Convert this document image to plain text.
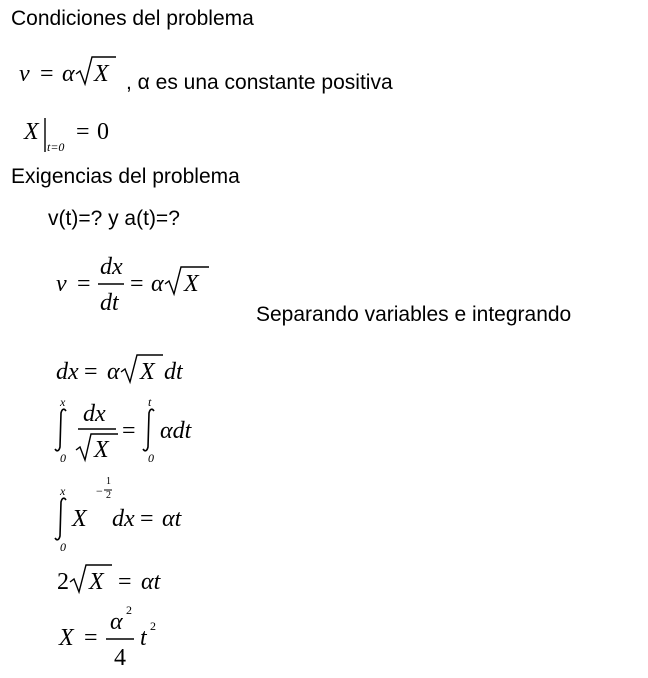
Condiciones del problema
v = α X , α es una constante positiva
X
t=0
= 0
Exigencias del problema
v(t)=? y a(t)=?
v =
dx
dt
= α X
Separando variables e integrando
dx = α X dt
x
0
dx
X
=
t
0
αdt
x
0
X
−
1
2
dx = αt
2 X = αt
X =
α 2
4
t 2
